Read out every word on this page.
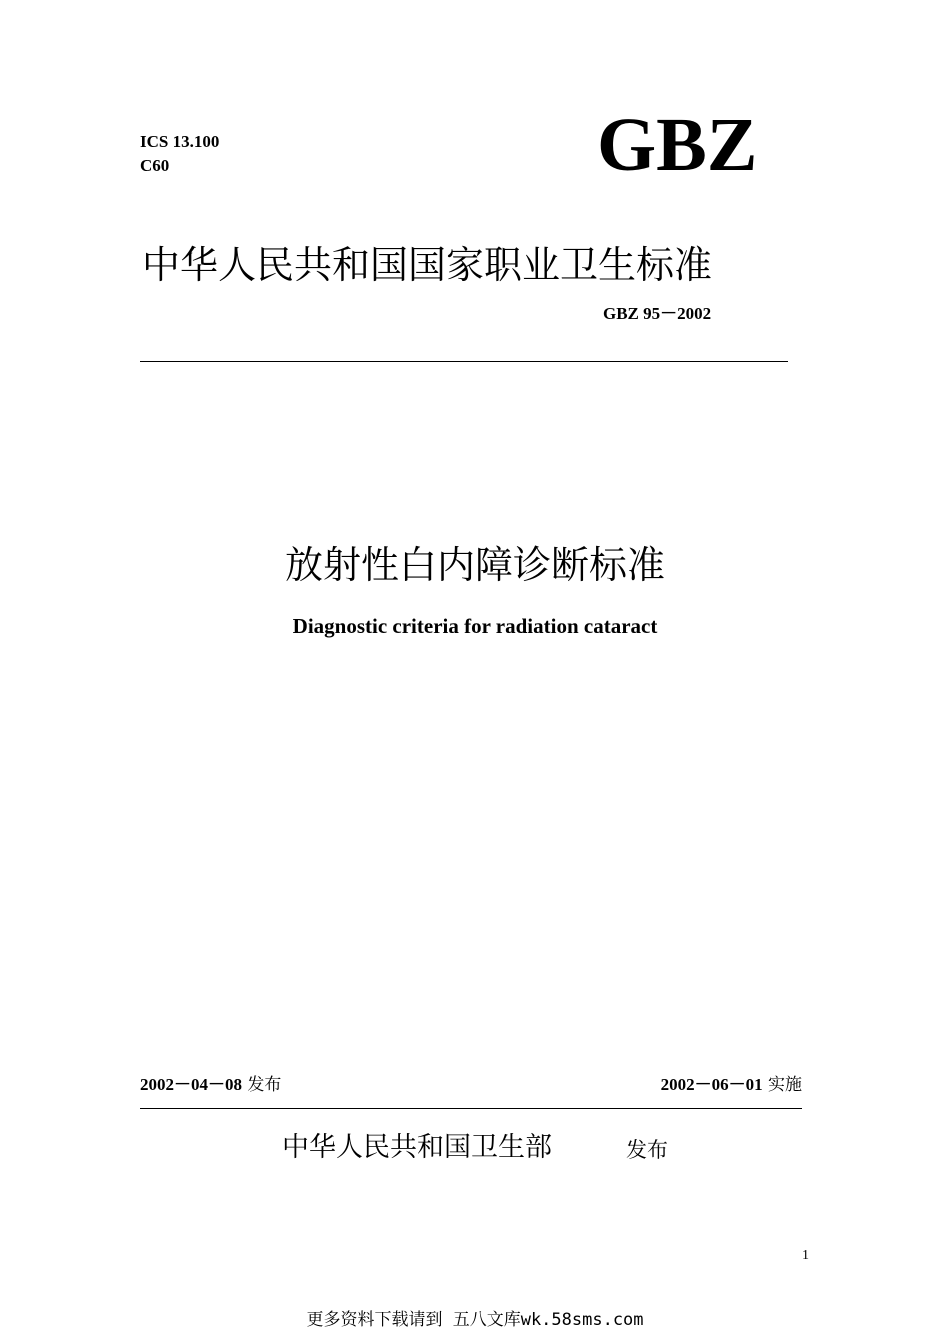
ICS 13.100
C60	GBZ
中华人民共和国国家职业卫生标准
GBZ 95－2002
放射性白内障诊断标准
Diagnostic criteria for radiation cataract
2002－04－08 发布	2002－06－01 实施
中华人民共和国卫生部	发布
1
更多资料下载请到 五八文库wk.58sms.com
